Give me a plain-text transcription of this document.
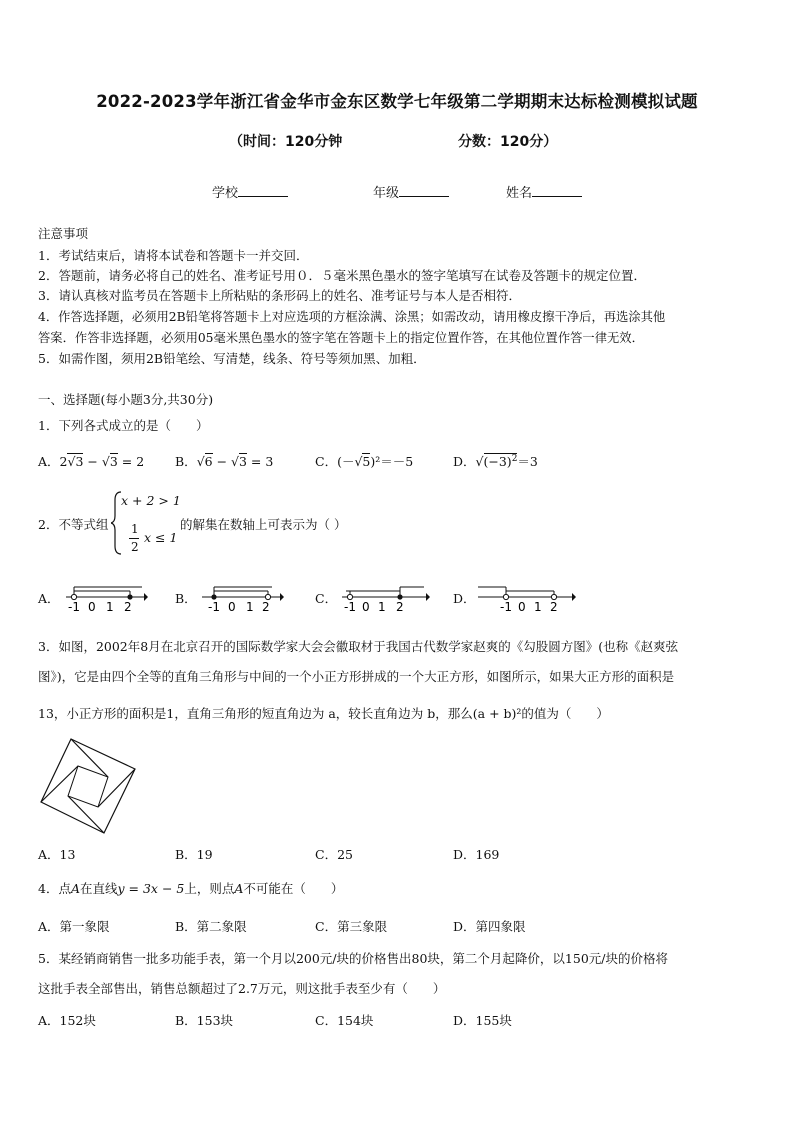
2022-2023学年浙江省金华市金东区数学七年级第二学期期末达标检测模拟试题
（时间：120分钟	分数：120分）
学校	年级	姓名
注意事项
1．考试结束后，请将本试卷和答题卡一并交回．
2．答题前，请务必将自己的姓名、准考证号用０．５毫米黑色墨水的签字笔填写在试卷及答题卡的规定位置．
3．请认真核对监考员在答题卡上所粘贴的条形码上的姓名、准考证号与本人是否相符．
4．作答选择题，必须用2B铅笔将答题卡上对应选项的方框涂满、涂黑；如需改动，请用橡皮擦干净后，再选涂其他
答案．作答非选择题，必须用05毫米黑色墨水的签字笔在答题卡上的指定位置作答，在其他位置作答一律无效．
5．如需作图，须用2B铅笔绘、写清楚，线条、符号等须加黑、加粗．
一、选择题(每小题3分,共30分)
1．下列各式成立的是（　　）
A．2√3 − √3 = 2 B．√6 − √3 = 3	C．(－√5)²＝－5	D．$√(-3)^2=3$
2．不等式组
x + 2 > 1
1
2
x ≤ 1
的解集在数轴上可表示为（ ）
A．
-1 0 1 2
B．
-1 0 1 2
C．
-1 0 1 2
D．
-1 0 1 2
3．如图，2002年8月在北京召开的国际数学家大会会徽取材于我国古代数学家赵爽的《勾股圆方图》(也称《赵爽弦
图》)，它是由四个全等的直角三角形与中间的一个小正方形拼成的一个大正方形，如图所示，如果大正方形的面积是
13，小正方形的面积是1，直角三角形的短直角边为 a，较长直角边为 b，那么(a + b)²的值为（　　）
A．13	B．19	C．25	D．169
4．点A在直线y = 3x − 5上，则点A不可能在（　　）
A．第一象限	B．第二象限	C．第三象限	D．第四象限
5．某经销商销售一批多功能手表，第一个月以200元/块的价格售出80块，第二个月起降价，以150元/块的价格将
这批手表全部售出，销售总额超过了2.7万元，则这批手表至少有（　　）
A．152块	B．153块	C．154块	D．155块
